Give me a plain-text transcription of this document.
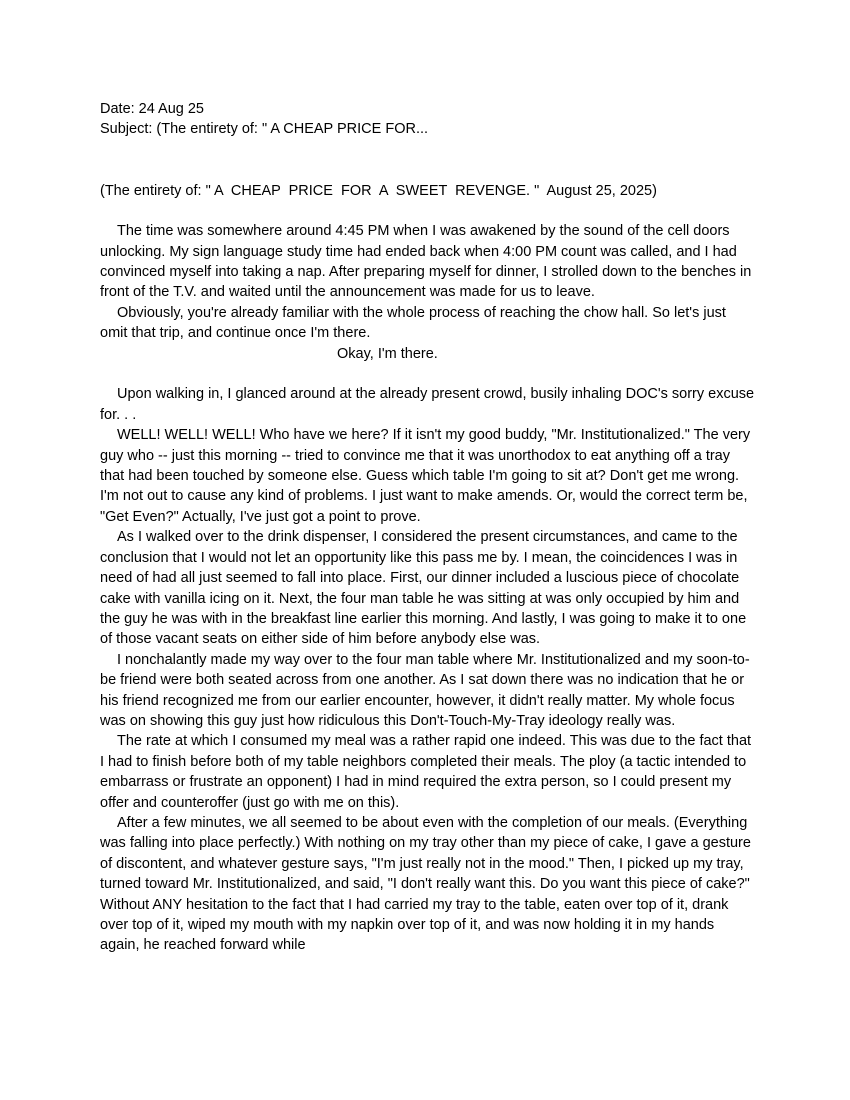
Date: 24 Aug 25

Subject: (The entirety of: " A CHEAP PRICE FOR...

(The entirety of: " A  CHEAP  PRICE  FOR  A  SWEET  REVENGE. "  August 25, 2025)

The time was somewhere around 4:45 PM when I was awakened by the sound of the cell doors unlocking. My sign language study time had ended back when 4:00 PM count was called, and I had convinced myself into taking a nap. After preparing myself for dinner, I strolled down to the benches in front of the T.V. and waited until the announcement was made for us to leave.

Obviously, you're already familiar with the whole process of reaching the chow hall. So let's just omit that trip, and continue once I'm there.

Okay, I'm there.

Upon walking in, I glanced around at the already present crowd, busily inhaling DOC's sorry excuse for. . .

WELL! WELL! WELL! Who have we here? If it isn't my good buddy, "Mr. Institutionalized." The very guy who -- just this morning -- tried to convince me that it was unorthodox to eat anything off a tray that had been touched by someone else. Guess which table I'm going to sit at? Don't get me wrong. I'm not out to cause any kind of problems. I just want to make amends. Or, would the correct term be, "Get Even?" Actually, I've just got a point to prove.

As I walked over to the drink dispenser, I considered the present circumstances, and came to the conclusion that I would not let an opportunity like this pass me by. I mean, the coincidences I was in need of had all just seemed to fall into place. First, our dinner included a luscious piece of chocolate cake with vanilla icing on it. Next, the four man table he was sitting at was only occupied by him and the guy he was with in the breakfast line earlier this morning. And lastly, I was going to make it to one of those vacant seats on either side of him before anybody else was.

I nonchalantly made my way over to the four man table where Mr. Institutionalized and my soon-to-be friend were both seated across from one another. As I sat down there was no indication that he or his friend recognized me from our earlier encounter, however, it didn't really matter. My whole focus was on showing this guy just how ridiculous this Don't-Touch-My-Tray ideology really was.

The rate at which I consumed my meal was a rather rapid one indeed. This was due to the fact that I had to finish before both of my table neighbors completed their meals. The ploy (a tactic intended to embarrass or frustrate an opponent) I had in mind required the extra person, so I could present my offer and counteroffer (just go with me on this).

After a few minutes, we all seemed to be about even with the completion of our meals. (Everything was falling into place perfectly.) With nothing on my tray other than my piece of cake, I gave a gesture of discontent, and whatever gesture says, "I'm just really not in the mood." Then, I picked up my tray, turned toward Mr. Institutionalized, and said, "I don't really want this. Do you want this piece of cake?" Without ANY hesitation to the fact that I had carried my tray to the table, eaten over top of it, drank over top of it, wiped my mouth with my napkin over top of it, and was now holding it in my hands again, he reached forward while
